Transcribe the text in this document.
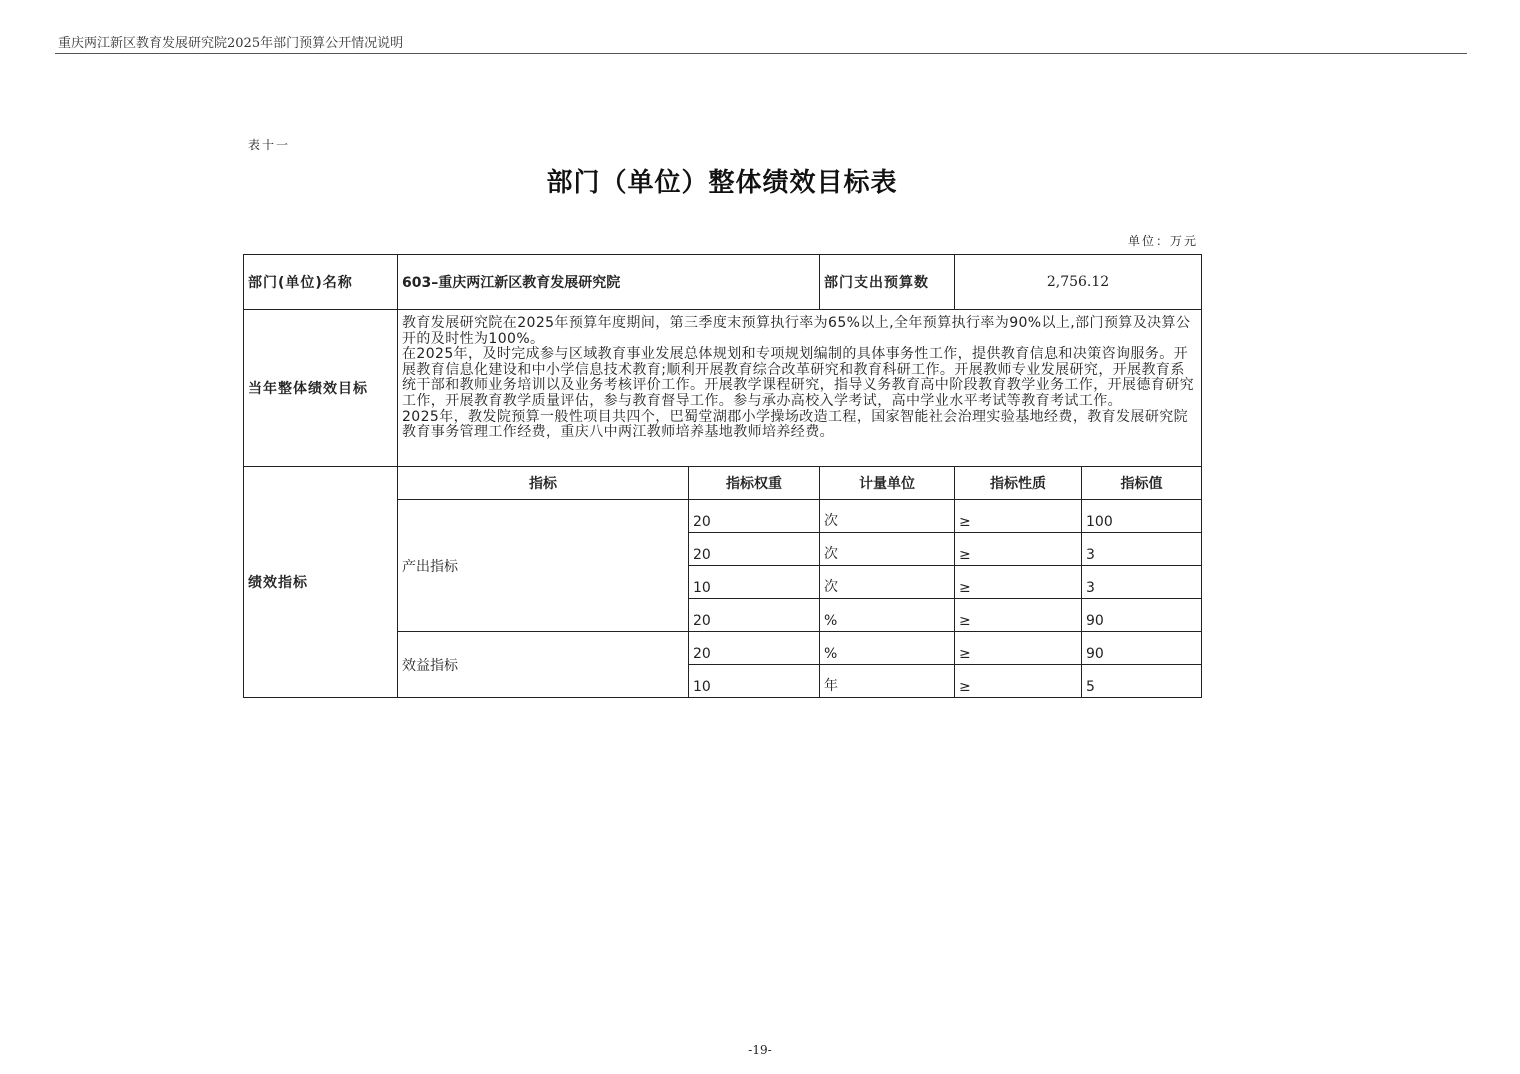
重庆两江新区教育发展研究院2025年部门预算公开情况说明
表十一
部门（单位）整体绩效目标表
单位：万元
部门(单位)名称	603–重庆两江新区教育发展研究院		部门支出预算数	2,756.12	
当年整体绩效目标	教育发展研究院在2025年预算年度期间，第三季度末预算执行率为65%以上,全年预算执行率为90%以上,部门预算及决算公开的及时性为100%。

在2025年，及时完成参与区域教育事业发展总体规划和专项规划编制的具体事务性工作，提供教育信息和决策咨询服务。开展教育信息化建设和中小学信息技术教育;顺利开展教育综合改革研究和教育科研工作。开展教师专业发展研究，开展教育系统干部和教师业务培训以及业务考核评价工作。开展教学课程研究，指导义务教育高中阶段教育教学业务工作，开展德育研究工作，开展教育教学质量评估，参与教育督导工作。参与承办高校入学考试，高中学业水平考试等教育考试工作。

2025年，教发院预算一般性项目共四个，巴蜀堂湖郡小学操场改造工程，国家智能社会治理实验基地经费，教育发展研究院教育事务管理工作经费，重庆八中两江教师培养基地教师培养经费。				

绩效指标	指标	指标权重	计量单位	指标性质	指标值
	产出指标	20	次	≥	100
		20	次	≥	3
		10	次	≥	3
		20	%	≥	90
	效益指标	20	%	≥	90
		10	年	≥	5
-19-
